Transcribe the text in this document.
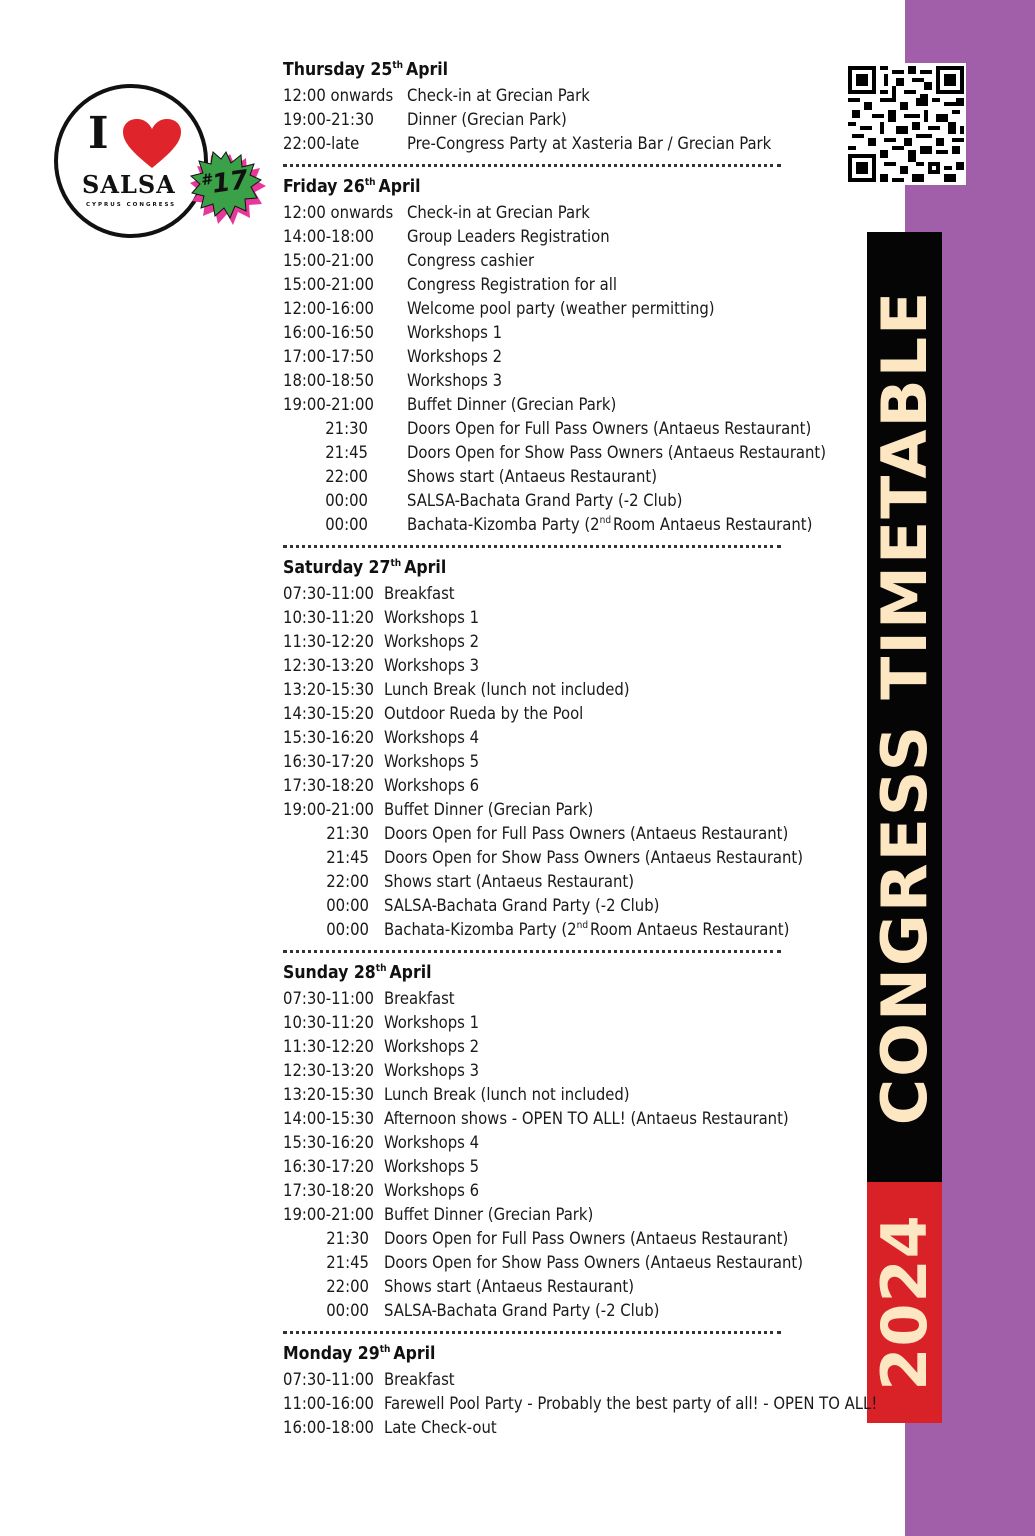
CONGRESS TIMETABLE
2024
I
SALSA
CYPRUS CONGRESS
#17
Thursday 25th April
12:00 onwards Check-in at Grecian Park
19:00-21:30	Dinner (Grecian Park)
22:00-late	Pre-Congress Party at Xasteria Bar / Grecian Park
Friday 26th April
12:00 onwards Check-in at Grecian Park
14:00-18:00	Group Leaders Registration
15:00-21:00	Congress cashier
15:00-21:00	Congress Registration for all
12:00-16:00	Welcome pool party (weather permitting)
16:00-16:50	Workshops 1
17:00-17:50	Workshops 2
18:00-18:50	Workshops 3
19:00-21:00	Buffet Dinner (Grecian Park)
21:30 Doors Open for Full Pass Owners (Antaeus Restaurant)
21:45 Doors Open for Show Pass Owners (Antaeus Restaurant)
22:00 Shows start (Antaeus Restaurant)
00:00 SALSA-Bachata Grand Party (-2 Club)
00:00 Bachata-Kizomba Party (2nd Room Antaeus Restaurant)
Saturday 27th April
07:30-11:00 Breakfast
10:30-11:20 Workshops 1
11:30-12:20 Workshops 2
12:30-13:20 Workshops 3
13:20-15:30 Lunch Break (lunch not included)
14:30-15:20 Outdoor Rueda by the Pool
15:30-16:20 Workshops 4
16:30-17:20 Workshops 5
17:30-18:20 Workshops 6
19:00-21:00 Buffet Dinner (Grecian Park)
21:30 Doors Open for Full Pass Owners (Antaeus Restaurant)
21:45 Doors Open for Show Pass Owners (Antaeus Restaurant)
22:00 Shows start (Antaeus Restaurant)
00:00 SALSA-Bachata Grand Party (-2 Club)
00:00 Bachata-Kizomba Party (2nd Room Antaeus Restaurant)
Sunday 28th April
07:30-11:00 Breakfast
10:30-11:20 Workshops 1
11:30-12:20 Workshops 2
12:30-13:20 Workshops 3
13:20-15:30 Lunch Break (lunch not included)
14:00-15:30 Afternoon shows - OPEN TO ALL! (Antaeus Restaurant)
15:30-16:20 Workshops 4
16:30-17:20 Workshops 5
17:30-18:20 Workshops 6
19:00-21:00 Buffet Dinner (Grecian Park)
21:30 Doors Open for Full Pass Owners (Antaeus Restaurant)
21:45 Doors Open for Show Pass Owners (Antaeus Restaurant)
22:00 Shows start (Antaeus Restaurant)
00:00 SALSA-Bachata Grand Party (-2 Club)
Monday 29th April
07:30-11:00 Breakfast
11:00-16:00 Farewell Pool Party - Probably the best party of all! - OPEN TO ALL!
16:00-18:00 Late Check-out
